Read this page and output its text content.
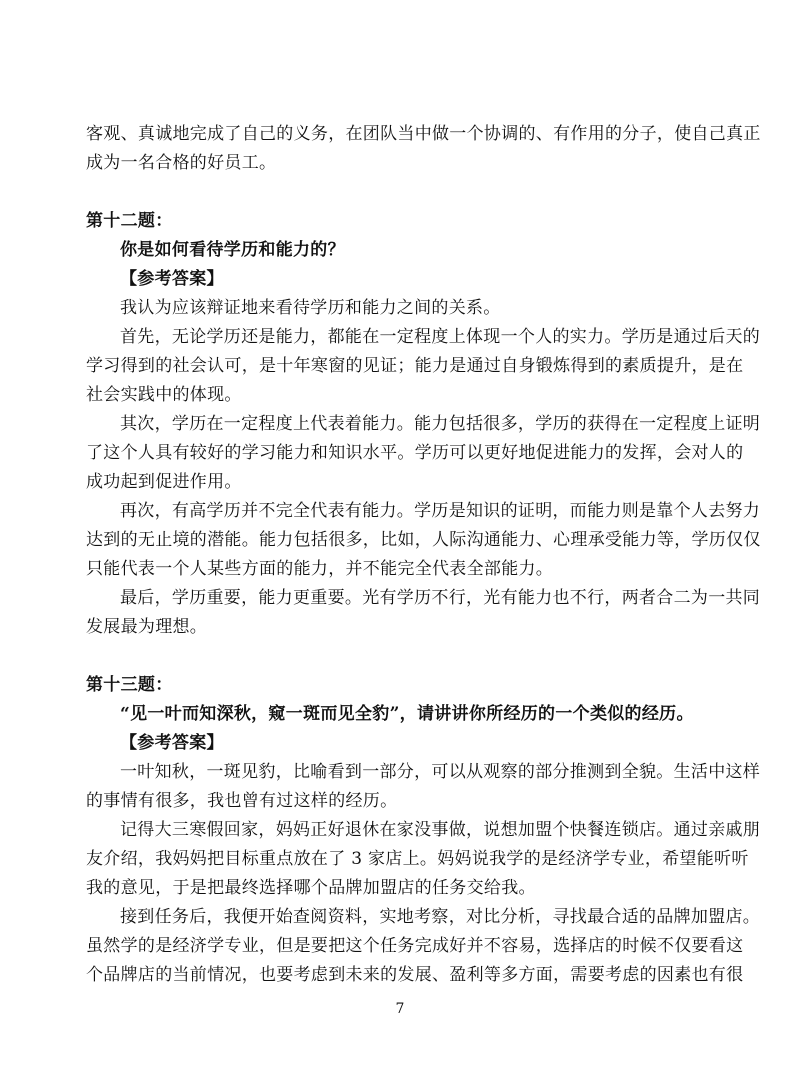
客观、真诚地完成了自己的义务，在团队当中做一个协调的、有作用的分子，使自己真正
成为一名合格的好员工。
第十二题：
你是如何看待学历和能力的？
【参考答案】
我认为应该辩证地来看待学历和能力之间的关系。
首先，无论学历还是能力，都能在一定程度上体现一个人的实力。学历是通过后天的
学习得到的社会认可，是十年寒窗的见证；能力是通过自身锻炼得到的素质提升，是在
社会实践中的体现。
其次，学历在一定程度上代表着能力。能力包括很多，学历的获得在一定程度上证明
了这个人具有较好的学习能力和知识水平。学历可以更好地促进能力的发挥，会对人的
成功起到促进作用。
再次，有高学历并不完全代表有能力。学历是知识的证明，而能力则是靠个人去努力
达到的无止境的潜能。能力包括很多，比如，人际沟通能力、心理承受能力等，学历仅仅
只能代表一个人某些方面的能力，并不能完全代表全部能力。
最后，学历重要，能力更重要。光有学历不行，光有能力也不行，两者合二为一共同
发展最为理想。
第十三题：
“见一叶而知深秋，窥一斑而见全豹”，请讲讲你所经历的一个类似的经历。
【参考答案】
一叶知秋，一斑见豹，比喻看到一部分，可以从观察的部分推测到全貌。生活中这样
的事情有很多，我也曾有过这样的经历。
记得大三寒假回家，妈妈正好退休在家没事做，说想加盟个快餐连锁店。通过亲戚朋
友介绍，我妈妈把目标重点放在了 3 家店上。妈妈说我学的是经济学专业，希望能听听
我的意见，于是把最终选择哪个品牌加盟店的任务交给我。
接到任务后，我便开始查阅资料，实地考察，对比分析，寻找最合适的品牌加盟店。
虽然学的是经济学专业，但是要把这个任务完成好并不容易，选择店的时候不仅要看这
个品牌店的当前情况，也要考虑到未来的发展、盈利等多方面，需要考虑的因素也有很
7
